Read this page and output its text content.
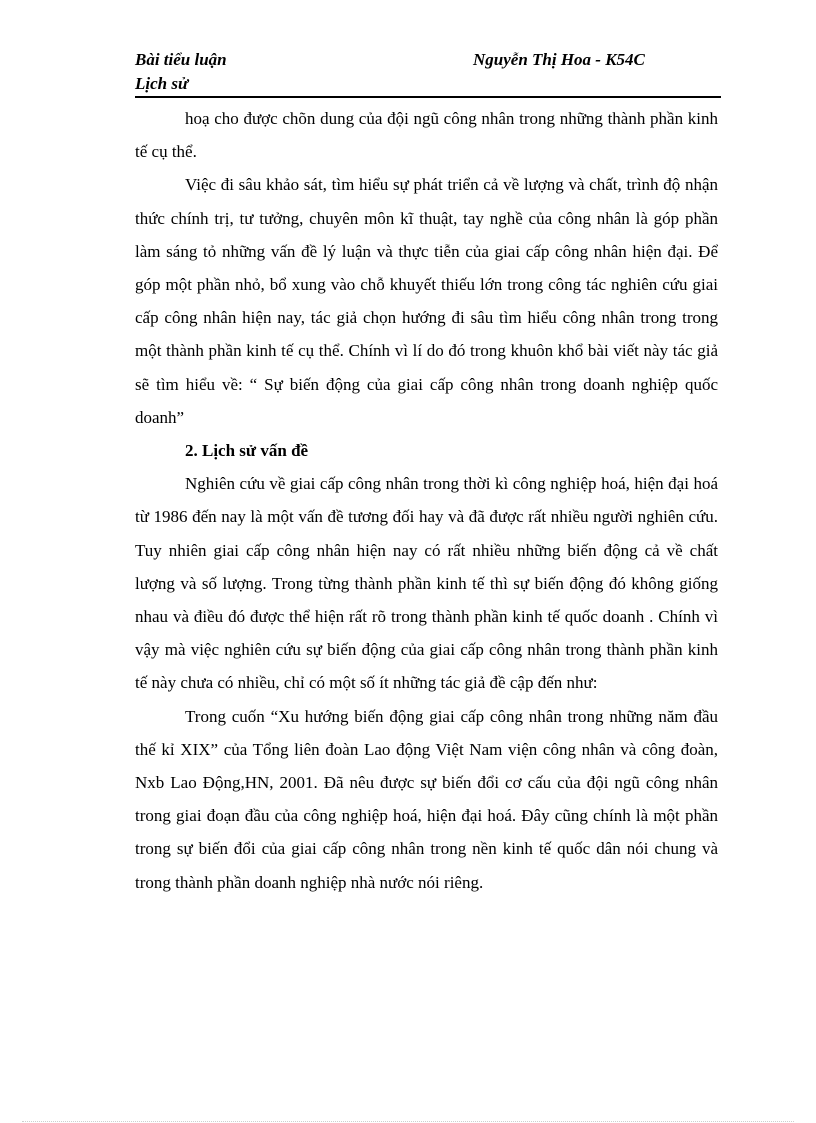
Bài tiểu luận	Nguyễn Thị Hoa - K54C
Lịch sử

hoạ cho được chõn dung của đội ngũ công nhân trong những thành phần kinh tế cụ thể.

Việc đi sâu khảo sát, tìm hiểu sự phát triển cả về lượng và chất, trình độ nhận thức chính trị, tư tưởng, chuyên môn kĩ thuật, tay nghề của công nhân là góp phần làm sáng tỏ những vấn đề lý luận và thực tiễn của giai cấp công nhân hiện đại. Để góp một phần nhỏ, bổ xung vào chỗ khuyết thiếu lớn trong công tác nghiên cứu giai cấp công nhân hiện nay, tác giả chọn hướng đi sâu tìm hiểu công nhân trong trong một thành phần kinh tế cụ thể. Chính vì lí do đó trong khuôn khổ bài viết này tác giả sẽ tìm hiểu về: “ Sự biến động của giai cấp công nhân trong doanh nghiệp quốc doanh”

2. Lịch sử vấn đề

Nghiên cứu về giai cấp công nhân trong thời kì công nghiệp hoá, hiện đại hoá từ 1986 đến nay là một vấn đề tương đối hay và đã được rất nhiều người nghiên cứu. Tuy nhiên giai cấp công nhân hiện nay có rất nhiều những biến động cả về chất lượng và số lượng. Trong từng thành phần kinh tế thì sự biến động đó không giống nhau và điều đó được thể hiện rất rõ trong thành phần kinh tế quốc doanh . Chính vì vậy mà việc nghiên cứu sự biến động của giai cấp công nhân trong thành phần kinh tế này chưa có nhiều, chỉ có một số ít những tác giả đề cập đến như:

Trong cuốn “Xu hướng biến động giai cấp công nhân trong những năm đầu thế kỉ XIX” của Tổng liên đoàn Lao động Việt Nam viện công nhân và công đoàn, Nxb Lao Động,HN, 2001. Đã nêu được sự biến đổi cơ cấu của đội ngũ công nhân trong giai đoạn đầu của công nghiệp hoá, hiện đại hoá. Đây cũng chính là một phần trong sự biến đổi của giai cấp công nhân trong nền kinh tế quốc dân nói chung và trong thành phần doanh nghiệp nhà nước nói riêng.
